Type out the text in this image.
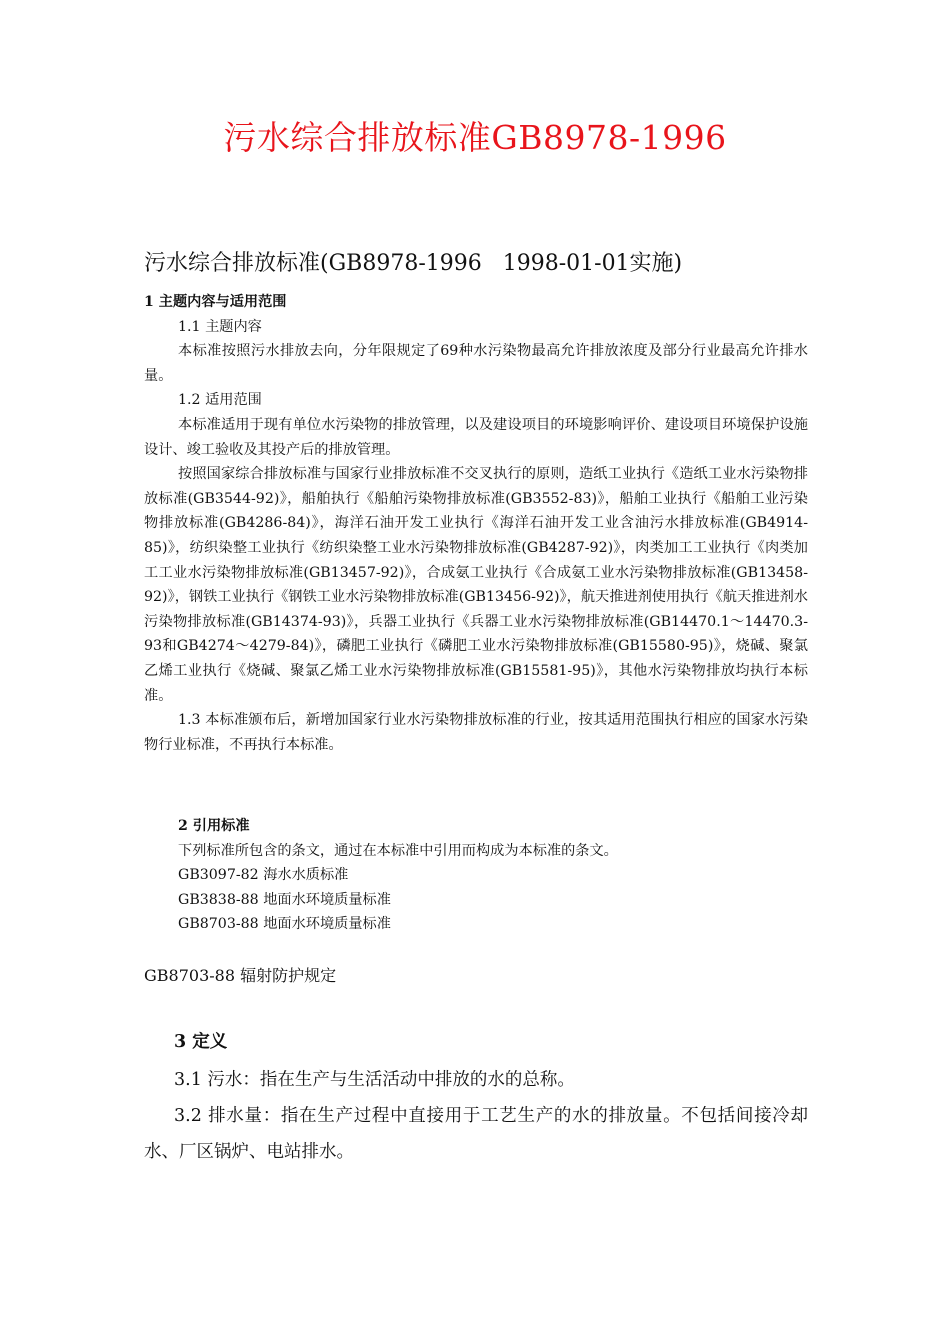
污水综合排放标准GB8978-1996
污水综合排放标准(GB8978-1996   1998-01-01实施)

1 主题内容与适用范围

1.1 主题内容

本标准按照污水排放去向，分年限规定了69种水污染物最高允许排放浓度及部分行业最高允许排水量。

1.2 适用范围

本标准适用于现有单位水污染物的排放管理，以及建设项目的环境影响评价、建设项目环境保护设施设计、竣工验收及其投产后的排放管理。

按照国家综合排放标准与国家行业排放标准不交叉执行的原则，造纸工业执行《造纸工业水污染物排放标准(GB3544-92)》，船舶执行《船舶污染物排放标准(GB3552-83)》，船舶工业执行《船舶工业污染物排放标准(GB4286-84)》，海洋石油开发工业执行《海洋石油开发工业含油污水排放标准(GB4914-85)》，纺织染整工业执行《纺织染整工业水污染物排放标准(GB4287-92)》，肉类加工工业执行《肉类加工工业水污染物排放标准(GB13457-92)》，合成氨工业执行《合成氨工业水污染物排放标准(GB13458-92)》，钢铁工业执行《钢铁工业水污染物排放标准(GB13456-92)》，航天推进剂使用执行《航天推进剂水污染物排放标准(GB14374-93)》，兵器工业执行《兵器工业水污染物排放标准(GB14470.1～14470.3-93和GB4274～4279-84)》，磷肥工业执行《磷肥工业水污染物排放标准(GB15580-95)》，烧碱、聚氯乙烯工业执行《烧碱、聚氯乙烯工业水污染物排放标准(GB15581-95)》，其他水污染物排放均执行本标准。

1.3 本标准颁布后，新增加国家行业水污染物排放标准的行业，按其适用范围执行相应的国家水污染物行业标准，不再执行本标准。

2 引用标准

下列标准所包含的条文，通过在本标准中引用而构成为本标准的条文。

GB3097-82 海水水质标准

GB3838-88 地面水环境质量标准

GB8703-88 地面水环境质量标准

GB8703-88 辐射防护规定

3 定义

3.1 污水：指在生产与生活活动中排放的水的总称。

3.2 排水量：指在生产过程中直接用于工艺生产的水的排放量。不包括间接冷却水、厂区锅炉、电站排水。
